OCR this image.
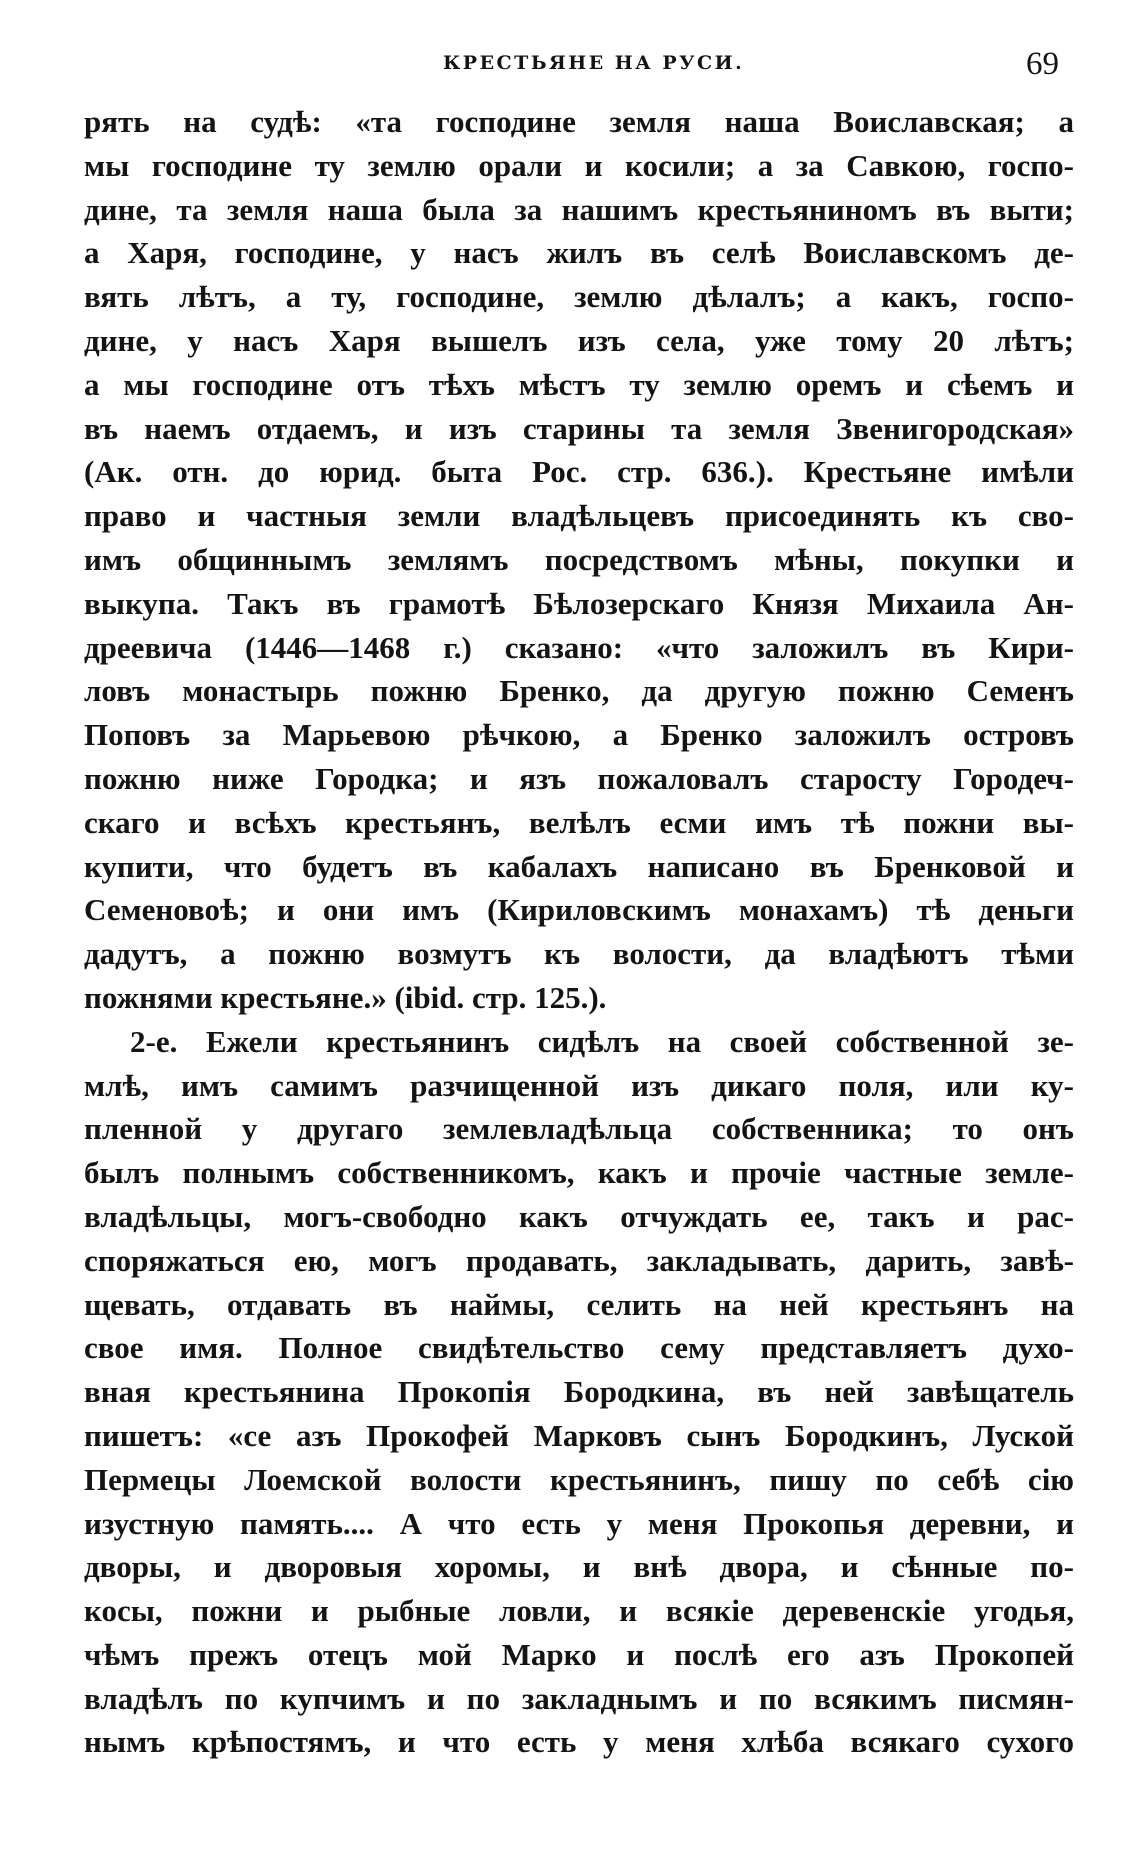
КРЕСТЬЯНЕ НА РУСИ.	69
рять на судѣ: «та господине земля наша Воиславская; а
мы господине ту землю орали и косили; а за Савкою, госпо-
дине, та земля наша была за нашимъ крестьяниномъ въ выти;
а Харя, господине, у насъ жилъ въ селѣ Воиславскомъ де-
вять лѣтъ, а ту, господине, землю дѣлалъ; а какъ, госпо-
дине, у насъ Харя вышелъ изъ села, уже тому 20 лѣтъ;
а мы господине отъ тѣхъ мѣстъ ту землю оремъ и сѣемъ и
въ наемъ отдаемъ, и изъ старины та земля Звенигородская»
(Ак. отн. до юрид. быта Рос. стр. 636.). Крестьяне имѣли
право и частныя земли владѣльцевъ присоединять къ сво-
имъ общиннымъ землямъ посредствомъ мѣны, покупки и
выкупа. Такъ въ грамотѣ Бѣлозерскаго Князя Михаила Ан-
дреевича (1446—1468 г.) сказано: «что заложилъ въ Кири-
ловъ монастырь пожню Бренко, да другую пожню Семенъ
Поповъ за Марьевою рѣчкою, а Бренко заложилъ островъ
пожню ниже Городка; и язъ пожаловалъ старосту Городеч-
скаго и всѣхъ крестьянъ, велѣлъ есми имъ тѣ пожни вы-
купити, что будетъ въ кабалахъ написано въ Бренковой и
Семеновоѣ; и они имъ (Кириловскимъ монахамъ) тѣ деньги
дадутъ, а пожню возмутъ къ волости, да владѣютъ тѣми
пожнями крестьяне.» (ibid. стр. 125.).
2-е. Ежели крестьянинъ сидѣлъ на своей собственной зе-
млѣ, имъ самимъ разчищенной изъ дикаго поля, или ку-
пленной у другаго землевладѣльца собственника; то онъ
былъ полнымъ собственникомъ, какъ и прочіе частные земле-
владѣльцы, могъ-свободно какъ отчуждать ее, такъ и рас-
споряжаться ею, могъ продавать, закладывать, дарить, завѣ-
щевать, отдавать въ наймы, селить на ней крестьянъ на
свое имя. Полное свидѣтельство сему представляетъ духо-
вная крестьянина Прокопія Бородкина, въ ней завѣщатель
пишетъ: «се азъ Прокофей Марковъ сынъ Бородкинъ, Луской
Пермецы Лоемской волости крестьянинъ, пишу по себѣ сію
изустную память.... А что есть у меня Прокопья деревни, и
дворы, и дворовыя хоромы, и внѣ двора, и сѣнные по-
косы, пожни и рыбные ловли, и всякіе деревенскіе угодья,
чѣмъ прежъ отецъ мой Марко и послѣ его азъ Прокопей
владѣлъ по купчимъ и по закладнымъ и по всякимъ писмян-
нымъ крѣпостямъ, и что есть у меня хлѣба всякаго сухого
